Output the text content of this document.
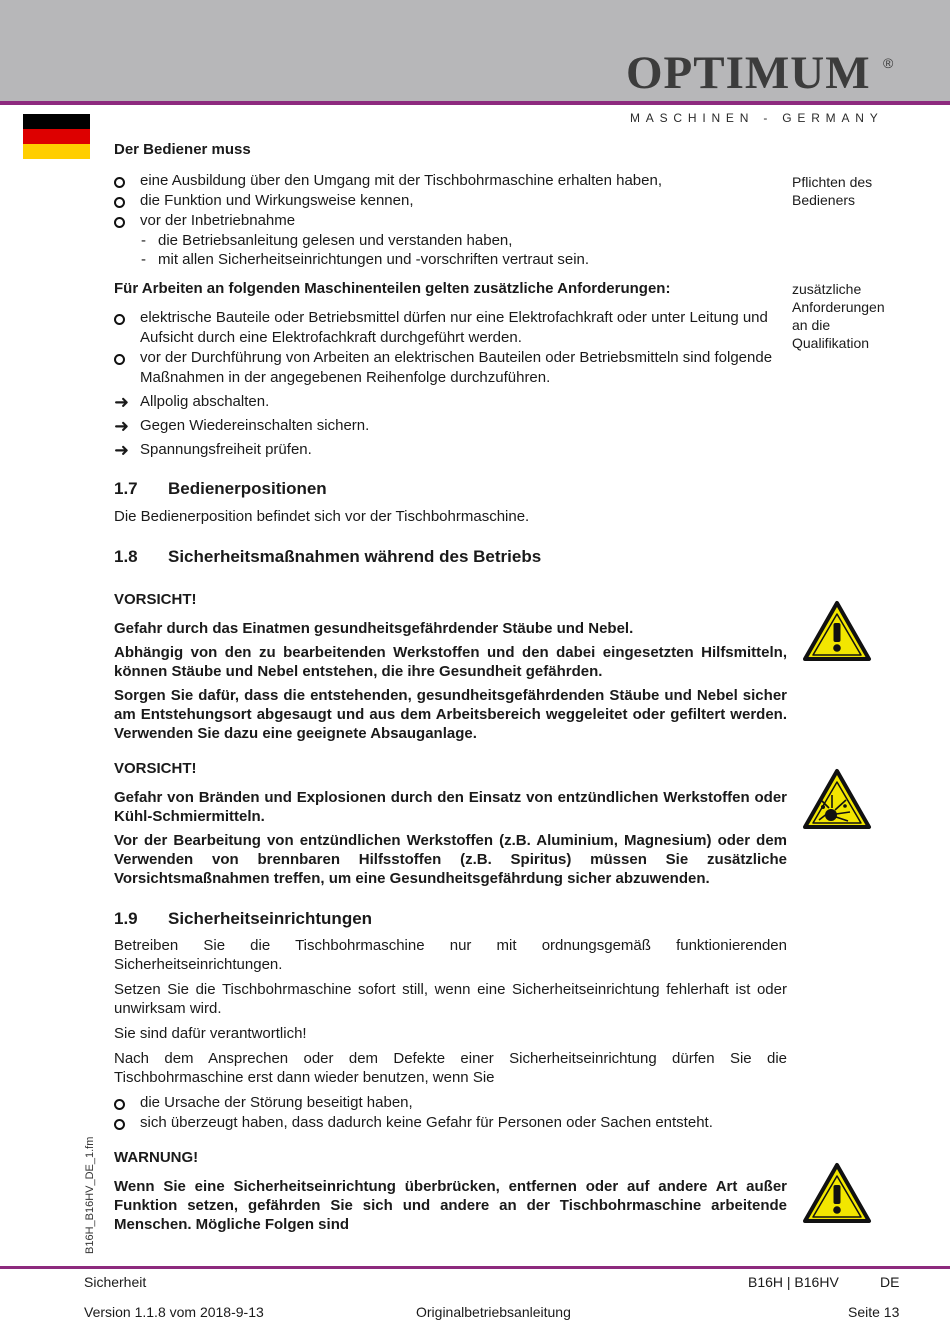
OPTIMUM ®
MASCHINEN - GERMANY
B16H_B16HV_DE_1.fm
Pflichten des Bedieners
zusätzliche Anforderungen an die Qualifikation

Der Bediener muss

eine Ausbildung über den Umgang mit der Tischbohrmaschine erhalten haben,
die Funktion und Wirkungsweise kennen,
vor der Inbetriebnahme
- die Betriebsanleitung gelesen und verstanden haben,
- mit allen Sicherheitseinrichtungen und -vorschriften vertraut sein.

Für Arbeiten an folgenden Maschinenteilen gelten zusätzliche Anforderungen:

elektrische Bauteile oder Betriebsmittel dürfen nur eine Elektrofachkraft oder unter Leitung und Aufsicht durch eine Elektrofachkraft durchgeführt werden.
vor der Durchführung von Arbeiten an elektrischen Bauteilen oder Betriebsmitteln sind folgende Maßnahmen in der angegebenen Reihenfolge durchzuführen.
➜ Allpolig abschalten.
➜ Gegen Wiedereinschalten sichern.
➜ Spannungsfreiheit prüfen.
1.7 Bedienerpositionen

Die Bedienerposition befindet sich vor der Tischbohrmaschine.

1.8 Sicherheitsmaßnahmen während des Betriebs

VORSICHT!

Gefahr durch das Einatmen gesundheitsgefährdender Stäube und Nebel.

Abhängig von den zu bearbeitenden Werkstoffen und den dabei eingesetzten Hilfsmitteln, können Stäube und Nebel entstehen, die ihre Gesundheit gefährden.

Sorgen Sie dafür, dass die entstehenden, gesundheitsgefährdenden Stäube und Nebel sicher am Entstehungsort abgesaugt und aus dem Arbeitsbereich weggeleitet oder gefiltert werden. Verwenden Sie dazu eine geeignete Absauganlage.

VORSICHT!

Gefahr von Bränden und Explosionen durch den Einsatz von entzündlichen Werkstoffen oder Kühl-Schmiermitteln.

Vor der Bearbeitung von entzündlichen Werkstoffen (z.B. Aluminium, Magnesium) oder dem Verwenden von brennbaren Hilfsstoffen (z.B. Spiritus) müssen Sie zusätzliche Vorsichtsmaßnahmen treffen, um eine Gesundheitsgefährdung sicher abzuwenden.

1.9 Sicherheitseinrichtungen

Betreiben Sie die Tischbohrmaschine nur mit ordnungsgemäß funktionierenden Sicherheitseinrichtungen.

Setzen Sie die Tischbohrmaschine sofort still, wenn eine Sicherheitseinrichtung fehlerhaft ist oder unwirksam wird.

Sie sind dafür verantwortlich!

Nach dem Ansprechen oder dem Defekte einer Sicherheitseinrichtung dürfen Sie die Tischbohrmaschine erst dann wieder benutzen, wenn Sie

die Ursache der Störung beseitigt haben,
sich überzeugt haben, dass dadurch keine Gefahr für Personen oder Sachen entsteht.

WARNUNG!

Wenn Sie eine Sicherheitseinrichtung überbrücken, entfernen oder auf andere Art außer Funktion setzen, gefährden Sie sich und andere an der Tischbohrmaschine arbeitende Menschen. Mögliche Folgen sind

Sicherheit	B16H | B16HV	DE
Version 1.1.8 vom 2018-9-13	Originalbetriebsanleitung	Seite 13
